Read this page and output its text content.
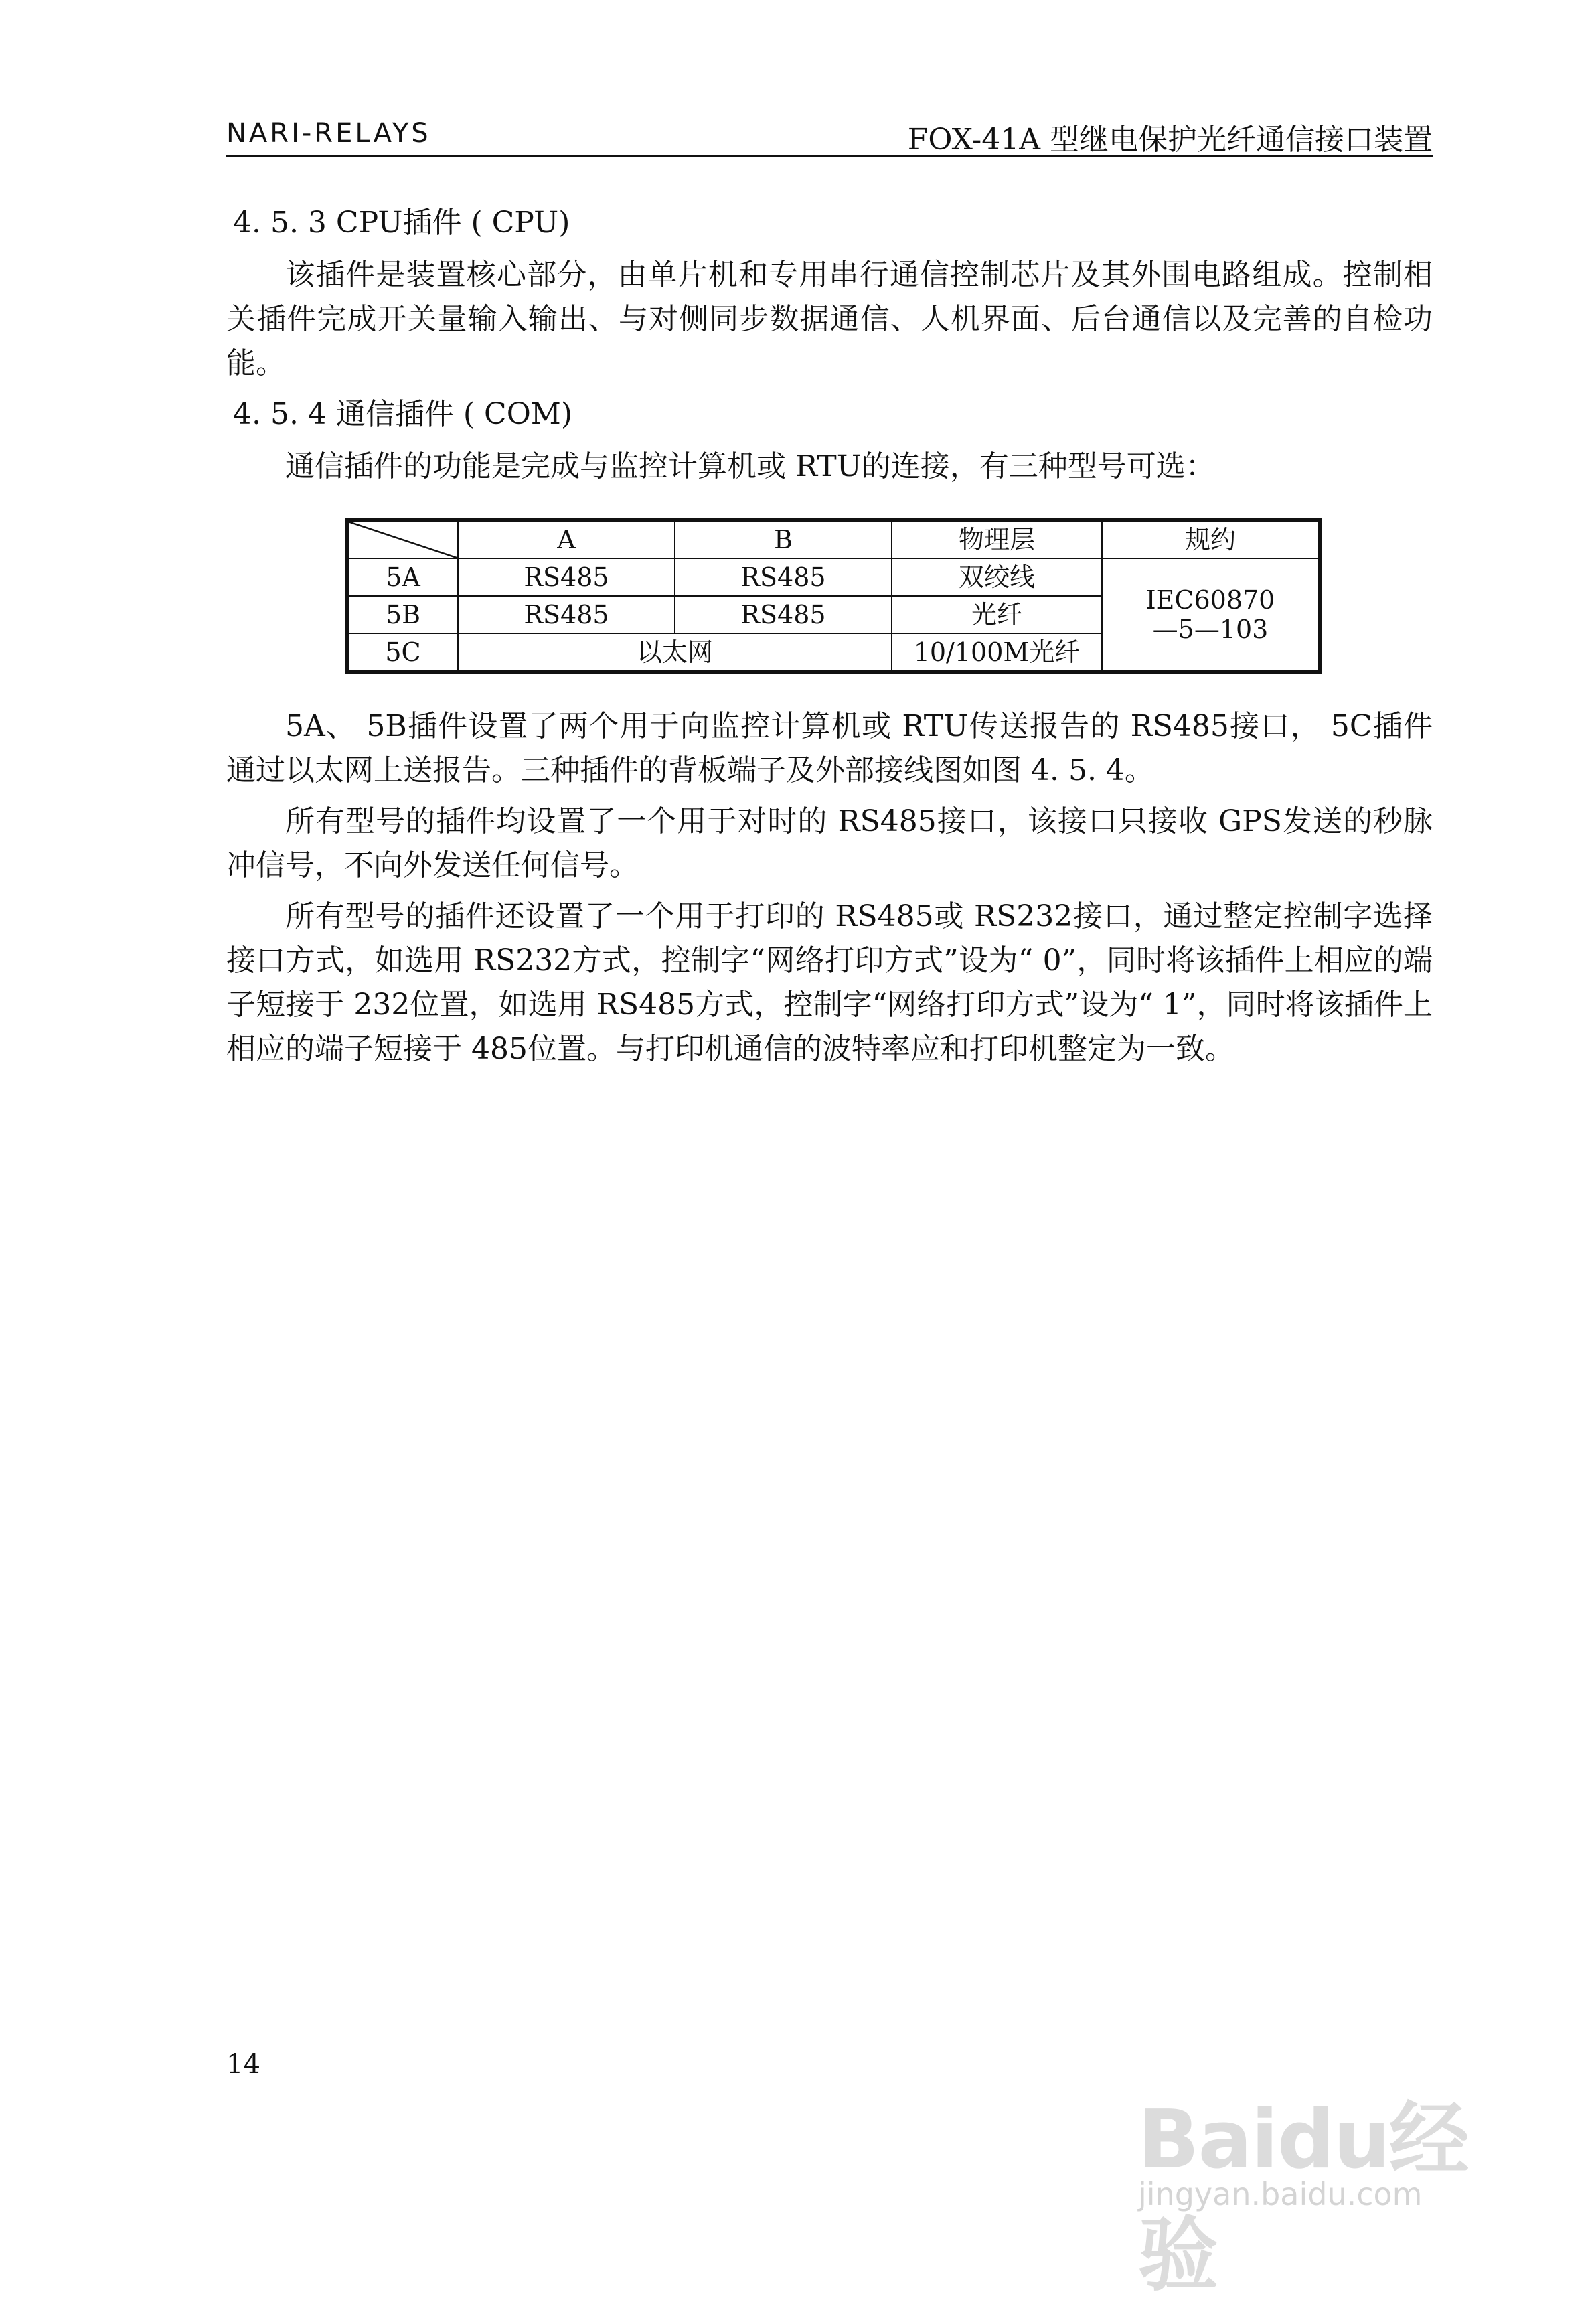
NARI-RELAYS	FOX-41A 型继电保护光纤通信接口装置
4. 5. 3 CPU插件 ( CPU)

该插件是装置核心部分，由单片机和专用串行通信控制芯片及其外围电路组成。控制相关插件完成开关量输入输出、与对侧同步数据通信、人机界面、后台通信以及完善的自检功能。

4. 5. 4 通信插件 ( COM)

通信插件的功能是完成与监控计算机或 RTU的连接，有三种型号可选：

	A	B	物理层	规约
5A	RS485	RS485	双绞线	IEC60870
—5—103

5B	RS485	RS485	光纤	
5C	以太网		10/100M光纤	

5A、 5B插件设置了两个用于向监控计算机或 RTU传送报告的 RS485接口， 5C插件通过以太网上送报告。三种插件的背板端子及外部接线图如图 4. 5. 4。

所有型号的插件均设置了一个用于对时的 RS485接口，该接口只接收 GPS发送的秒脉冲信号，不向外发送任何信号。

所有型号的插件还设置了一个用于打印的 RS485或 RS232接口，通过整定控制字选择接口方式，如选用 RS232方式，控制字“网络打印方式”设为“ 0”，同时将该插件上相应的端子短接于 232位置，如选用 RS485方式，控制字“网络打印方式”设为“ 1”，同时将该插件上相应的端子短接于 485位置。与打印机通信的波特率应和打印机整定为一致。

14
Baidu经验
jingyan.baidu.com
